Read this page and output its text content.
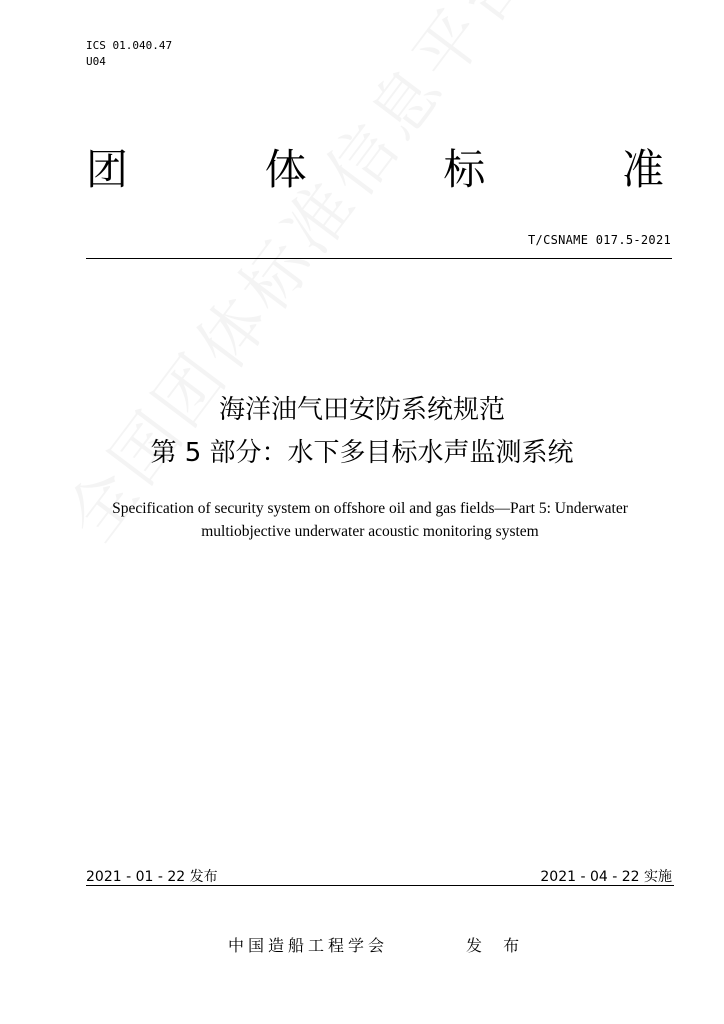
ICS 01.040.47
U04
团	体	标	准
T/CSNAME 017.5-2021
海洋油气田安防系统规范
第 5 部分：水下多目标水声监测系统
Specification of security system on offshore oil and gas fields—Part 5: Underwater
multiobjective underwater acoustic monitoring system
2021 - 01 - 22 发布	2021 - 04 - 22 实施
中国造船工程学会	发 布
